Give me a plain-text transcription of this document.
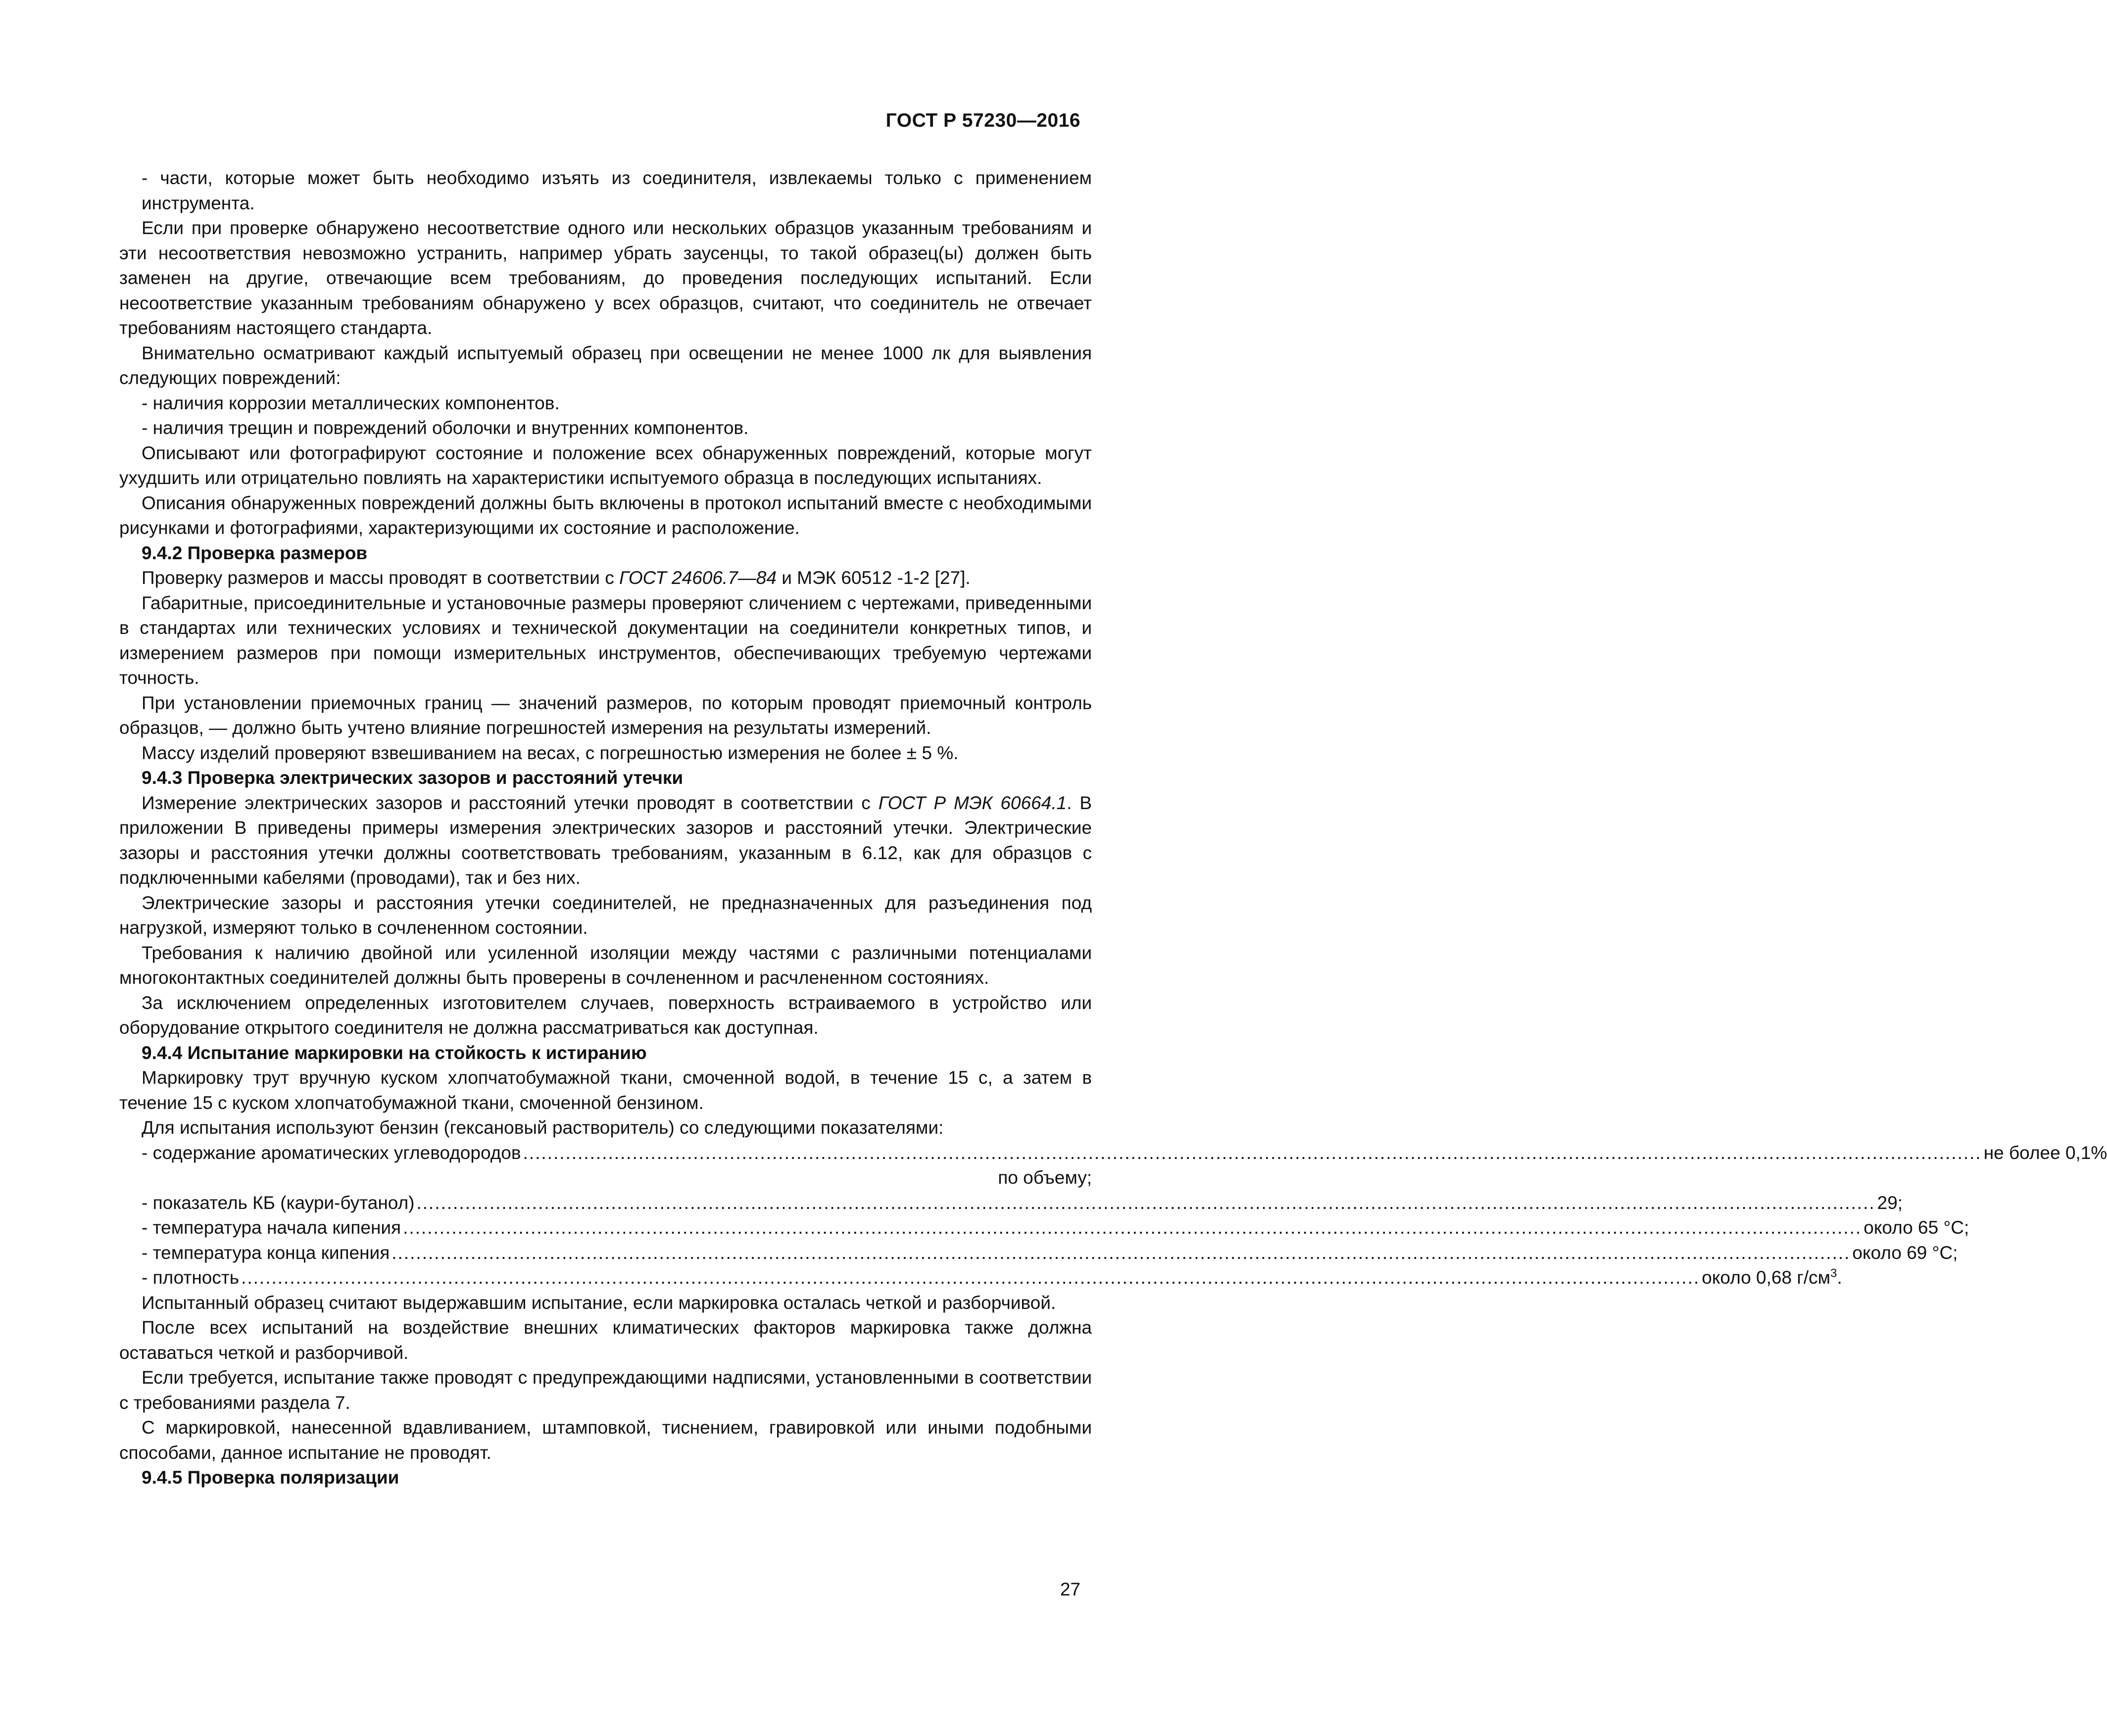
ГОСТ Р 57230—2016

- части, которые может быть необходимо изъять из соединителя, извлекаемы только с применением инструмента.

Если при проверке обнаружено несоответствие одного или нескольких образцов указанным требованиям и эти несоответствия невозможно устранить, например убрать заусенцы, то такой образец(ы) должен быть заменен на другие, отвечающие всем требованиям, до проведения последующих испытаний. Если несоответствие указанным требованиям обнаружено у всех образцов, считают, что соединитель не отвечает требованиям настоящего стандарта.

Внимательно осматривают каждый испытуемый образец при освещении не менее 1000 лк для выявления следующих повреждений:

- наличия коррозии металлических компонентов.

- наличия трещин и повреждений оболочки и внутренних компонентов.

Описывают или фотографируют состояние и положение всех обнаруженных повреждений, которые могут ухудшить или отрицательно повлиять на характеристики испытуемого образца в последующих испытаниях.

Описания обнаруженных повреждений должны быть включены в протокол испытаний вместе с необходимыми рисунками и фотографиями, характеризующими их состояние и расположение.

9.4.2 Проверка размеров

Проверку размеров и массы проводят в соответствии с ГОСТ 24606.7—84 и МЭК 60512 -1-2 [27].

Габаритные, присоединительные и установочные размеры проверяют сличением с чертежами, приведенными в стандартах или технических условиях и технической документации на соединители конкретных типов, и измерением размеров при помощи измерительных инструментов, обеспечивающих требуемую чертежами точность.

При установлении приемочных границ — значений размеров, по которым проводят приемочный контроль образцов, — должно быть учтено влияние погрешностей измерения на результаты измерений.

Массу изделий проверяют взвешиванием на весах, с погрешностью измерения не более ± 5 %.

9.4.3 Проверка электрических зазоров и расстояний утечки

Измерение электрических зазоров и расстояний утечки проводят в соответствии с ГОСТ Р МЭК 60664.1. В приложении В приведены примеры измерения электрических зазоров и расстояний утечки. Электрические зазоры и расстояния утечки должны соответствовать требованиям, указанным в 6.12, как для образцов с подключенными кабелями (проводами), так и без них.

Электрические зазоры и расстояния утечки соединителей, не предназначенных для разъединения под нагрузкой, измеряют только в сочлененном состоянии.

Требования к наличию двойной или усиленной изоляции между частями с различными потенциалами многоконтактных соединителей должны быть проверены в сочлененном и расчлененном состояниях.

За исключением определенных изготовителем случаев, поверхность встраиваемого в устройство или оборудование открытого соединителя не должна рассматриваться как доступная.

9.4.4 Испытание маркировки на стойкость к истиранию

Маркировку трут вручную куском хлопчатобумажной ткани, смоченной водой, в течение 15 с, а затем в течение 15 с куском хлопчатобумажной ткани, смоченной бензином.

Для испытания используют бензин (гексановый растворитель) со следующими показателями:

- содержание ароматических углеводородов ................................................................................................................................................................................................................................................ не более 0,1%

по объему;

- показатель КБ (каури-бутанол) ................................................................................................................................................................................................................................................ 29;

- температура начала кипения ................................................................................................................................................................................................................................................ около 65 °С;

- температура конца кипения ................................................................................................................................................................................................................................................ около 69 °С;

- плотность ................................................................................................................................................................................................................................................ около 0,68 $г/см^3$.

Испытанный образец считают выдержавшим испытание, если маркировка осталась четкой и разборчивой.

После всех испытаний на воздействие внешних климатических факторов маркировка также должна оставаться четкой и разборчивой.

Если требуется, испытание также проводят с предупреждающими надписями, установленными в соответствии с требованиями раздела 7.

С маркировкой, нанесенной вдавливанием, штамповкой, тиснением, гравировкой или иными подобными способами, данное испытание не проводят.

9.4.5 Проверка поляризации

27
